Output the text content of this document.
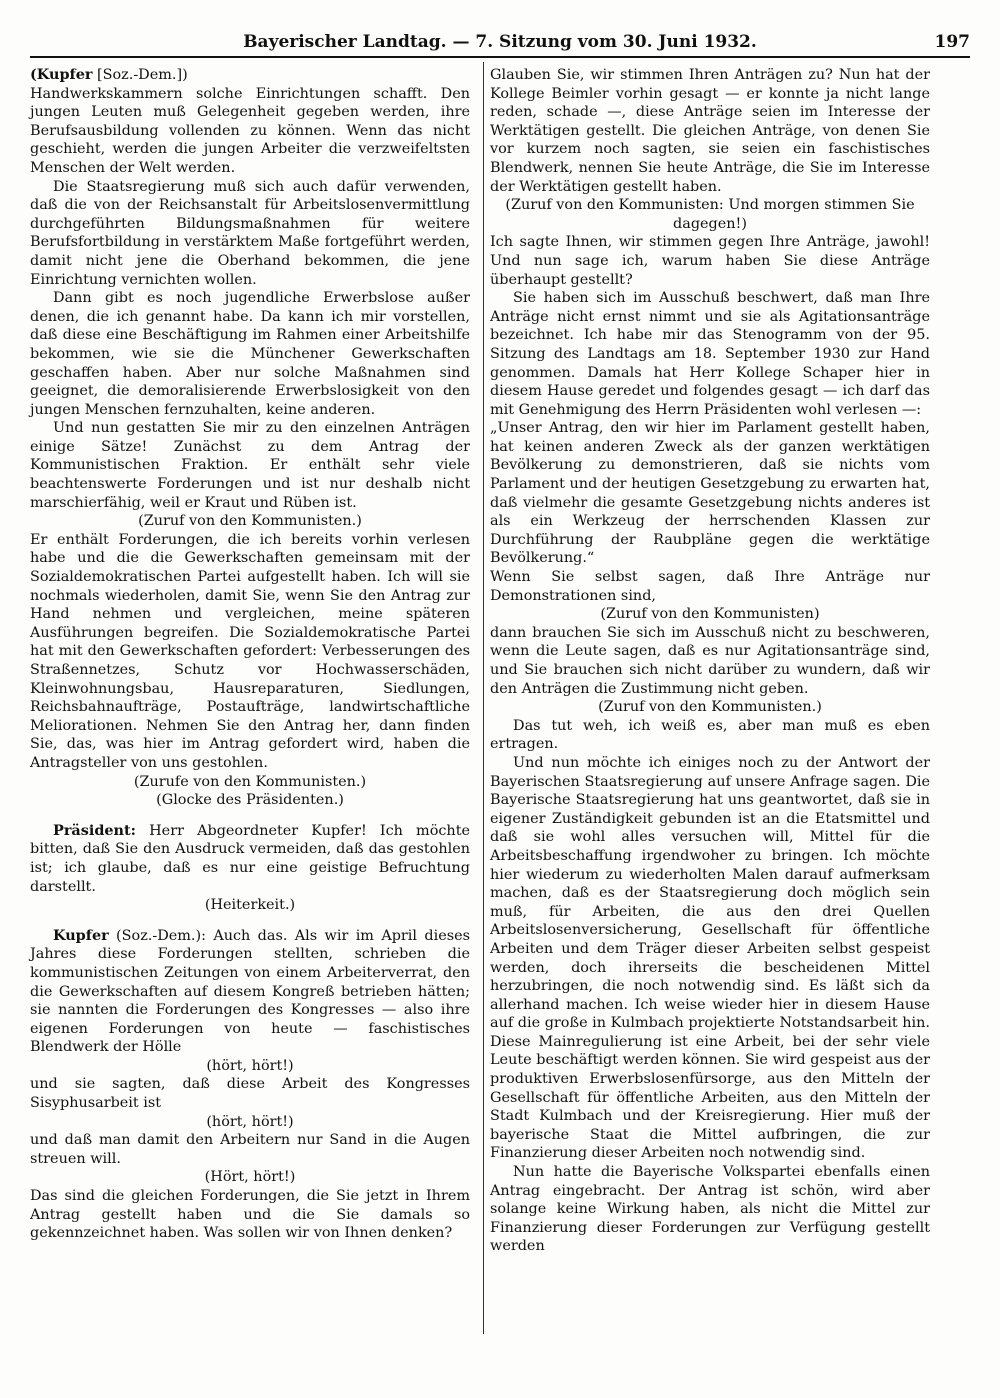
Bayerischer Landtag. — 7. Sitzung vom 30. Juni 1932.	197

(Kupfer [Soz.-Dem.])

Handwerkskammern solche Einrichtungen schafft. Den jungen Leuten muß Gelegenheit gegeben werden, ihre Berufsausbildung vollenden zu können. Wenn das nicht geschieht, werden die jungen Arbeiter die verzweifeltsten Menschen der Welt werden.

Die Staatsregierung muß sich auch dafür verwenden, daß die von der Reichsanstalt für Arbeitslosenvermittlung durchgeführten Bildungsmaßnahmen für weitere Berufsfortbildung in verstärktem Maße fortgeführt werden, damit nicht jene die Oberhand bekommen, die jene Einrichtung vernichten wollen.

Dann gibt es noch jugendliche Erwerbslose außer denen, die ich genannt habe. Da kann ich mir vorstellen, daß diese eine Beschäftigung im Rahmen einer Arbeitshilfe bekommen, wie sie die Münchener Gewerkschaften geschaffen haben. Aber nur solche Maßnahmen sind geeignet, die demoralisierende Erwerbslosigkeit von den jungen Menschen fernzuhalten, keine anderen.

Und nun gestatten Sie mir zu den einzelnen Anträgen einige Sätze! Zunächst zu dem Antrag der Kommunistischen Fraktion. Er enthält sehr viele beachtenswerte Forderungen und ist nur deshalb nicht marschierfähig, weil er Kraut und Rüben ist.

(Zuruf von den Kommunisten.)

Er enthält Forderungen, die ich bereits vorhin verlesen habe und die die Gewerkschaften gemeinsam mit der Sozialdemokratischen Partei aufgestellt haben. Ich will sie nochmals wiederholen, damit Sie, wenn Sie den Antrag zur Hand nehmen und vergleichen, meine späteren Ausführungen begreifen. Die Sozialdemokratische Partei hat mit den Gewerkschaften gefordert: Verbesserungen des Straßennetzes, Schutz vor Hochwasserschäden, Kleinwohnungsbau, Hausreparaturen, Siedlungen, Reichsbahnaufträge, Postaufträge, landwirtschaftliche Meliorationen. Nehmen Sie den Antrag her, dann finden Sie, das, was hier im Antrag gefordert wird, haben die Antragsteller von uns gestohlen.

(Zurufe von den Kommunisten.)

(Glocke des Präsidenten.)

Präsident: Herr Abgeordneter Kupfer! Ich möchte bitten, daß Sie den Ausdruck vermeiden, daß das gestohlen ist; ich glaube, daß es nur eine geistige Befruchtung darstellt.

(Heiterkeit.)

Kupfer (Soz.-Dem.): Auch das. Als wir im April dieses Jahres diese Forderungen stellten, schrieben die kommunistischen Zeitungen von einem Arbeiterverrat, den die Gewerkschaften auf diesem Kongreß betrieben hätten; sie nannten die Forderungen des Kongresses — also ihre eigenen Forderungen von heute — faschistisches Blendwerk der Hölle

(hört, hört!)

und sie sagten, daß diese Arbeit des Kongresses Sisyphusarbeit ist

(hört, hört!)

und daß man damit den Arbeitern nur Sand in die Augen streuen will.

(Hört, hört!)

Das sind die gleichen Forderungen, die Sie jetzt in Ihrem Antrag gestellt haben und die Sie damals so gekennzeichnet haben. Was sollen wir von Ihnen denken?

Glauben Sie, wir stimmen Ihren Anträgen zu? Nun hat der Kollege Beimler vorhin gesagt — er konnte ja nicht lange reden, schade —, diese Anträge seien im Interesse der Werktätigen gestellt. Die gleichen Anträge, von denen Sie vor kurzem noch sagten, sie seien ein faschistisches Blendwerk, nennen Sie heute Anträge, die Sie im Interesse der Werktätigen gestellt haben.

(Zuruf von den Kommunisten: Und morgen stimmen Sie dagegen!)

Ich sagte Ihnen, wir stimmen gegen Ihre Anträge, jawohl! Und nun sage ich, warum haben Sie diese Anträge überhaupt gestellt?

Sie haben sich im Ausschuß beschwert, daß man Ihre Anträge nicht ernst nimmt und sie als Agitationsanträge bezeichnet. Ich habe mir das Stenogramm von der 95. Sitzung des Landtags am 18. September 1930 zur Hand genommen. Damals hat Herr Kollege Schaper hier in diesem Hause geredet und folgendes gesagt — ich darf das mit Genehmigung des Herrn Präsidenten wohl verlesen —:

„Unser Antrag, den wir hier im Parlament gestellt haben, hat keinen anderen Zweck als der ganzen werktätigen Bevölkerung zu demonstrieren, daß sie nichts vom Parlament und der heutigen Gesetzgebung zu erwarten hat, daß vielmehr die gesamte Gesetzgebung nichts anderes ist als ein Werkzeug der herrschenden Klassen zur Durchführung der Raubpläne gegen die werktätige Bevölkerung.“

Wenn Sie selbst sagen, daß Ihre Anträge nur Demonstrationen sind,

(Zuruf von den Kommunisten)

dann brauchen Sie sich im Ausschuß nicht zu beschweren, wenn die Leute sagen, daß es nur Agitationsanträge sind, und Sie brauchen sich nicht darüber zu wundern, daß wir den Anträgen die Zustimmung nicht geben.

(Zuruf von den Kommunisten.)

Das tut weh, ich weiß es, aber man muß es eben ertragen.

Und nun möchte ich einiges noch zu der Antwort der Bayerischen Staatsregierung auf unsere Anfrage sagen. Die Bayerische Staatsregierung hat uns geantwortet, daß sie in eigener Zuständigkeit gebunden ist an die Etatsmittel und daß sie wohl alles versuchen will, Mittel für die Arbeitsbeschaffung irgendwoher zu bringen. Ich möchte hier wiederum zu wiederholten Malen darauf aufmerksam machen, daß es der Staatsregierung doch möglich sein muß, für Arbeiten, die aus den drei Quellen Arbeitslosenversicherung, Gesellschaft für öffentliche Arbeiten und dem Träger dieser Arbeiten selbst gespeist werden, doch ihrerseits die bescheidenen Mittel herzubringen, die noch notwendig sind. Es läßt sich da allerhand machen. Ich weise wieder hier in diesem Hause auf die große in Kulmbach projektierte Notstandsarbeit hin. Diese Mainregulierung ist eine Arbeit, bei der sehr viele Leute beschäftigt werden können. Sie wird gespeist aus der produktiven Erwerbslosenfürsorge, aus den Mitteln der Gesellschaft für öffentliche Arbeiten, aus den Mitteln der Stadt Kulmbach und der Kreisregierung. Hier muß der bayerische Staat die Mittel aufbringen, die zur Finanzierung dieser Arbeiten noch notwendig sind.

Nun hatte die Bayerische Volkspartei ebenfalls einen Antrag eingebracht. Der Antrag ist schön, wird aber solange keine Wirkung haben, als nicht die Mittel zur Finanzierung dieser Forderungen zur Verfügung gestellt werden
